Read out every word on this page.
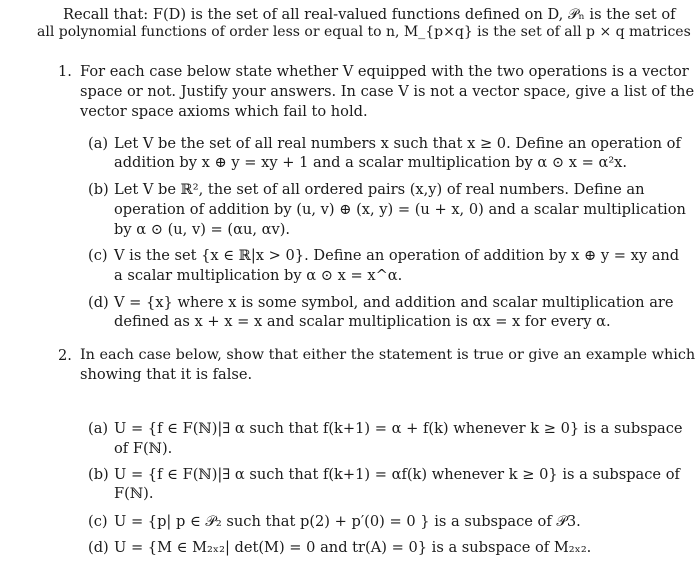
Recall that: F(D) is the set of all real-valued functions defined on D, 𝒫ₙ is the set of
all polynomial functions of order less or equal to n, M_{p×q} is the set of all p × q matrices
1. For each case below state whether V equipped with the two operations is a vector
space or not. Justify your answers. In case V is not a vector space, give a list of the
vector space axioms which fail to hold.
(a) Let V be the set of all real numbers x such that x ≥ 0. Define an operation of
addition by x ⊕ y = xy + 1 and a scalar multiplication by α ⊙ x = α²x.
(b) Let V be ℝ², the set of all ordered pairs (x,y) of real numbers. Define an
operation of addition by (u, v) ⊕ (x, y) = (u + x, 0) and a scalar multiplication
by α ⊙ (u, v) = (αu, αv).
(c) V is the set {x ∈ ℝ|x > 0}. Define an operation of addition by x ⊕ y = xy and
a scalar multiplication by α ⊙ x = x^α.
(d) V = {x} where x is some symbol, and addition and scalar multiplication are
defined as x + x = x and scalar multiplication is αx = x for every α.
2. In each case below, show that either the statement is true or give an example which
showing that it is false.
(a) U = {f ∈ F(ℕ)|∃ α such that f(k+1) = α + f(k) whenever k ≥ 0} is a subspace
of F(ℕ).
(b) U = {f ∈ F(ℕ)|∃ α such that f(k+1) = αf(k) whenever k ≥ 0} is a subspace of
F(ℕ).
(c) U = {p| p ∈ 𝒫₂ such that p(2) + p′(0) = 0 } is a subspace of 𝒫3.
(d) U = {M ∈ M₂ₓ₂| det(M) = 0 and tr(A) = 0} is a subspace of M₂ₓ₂.
